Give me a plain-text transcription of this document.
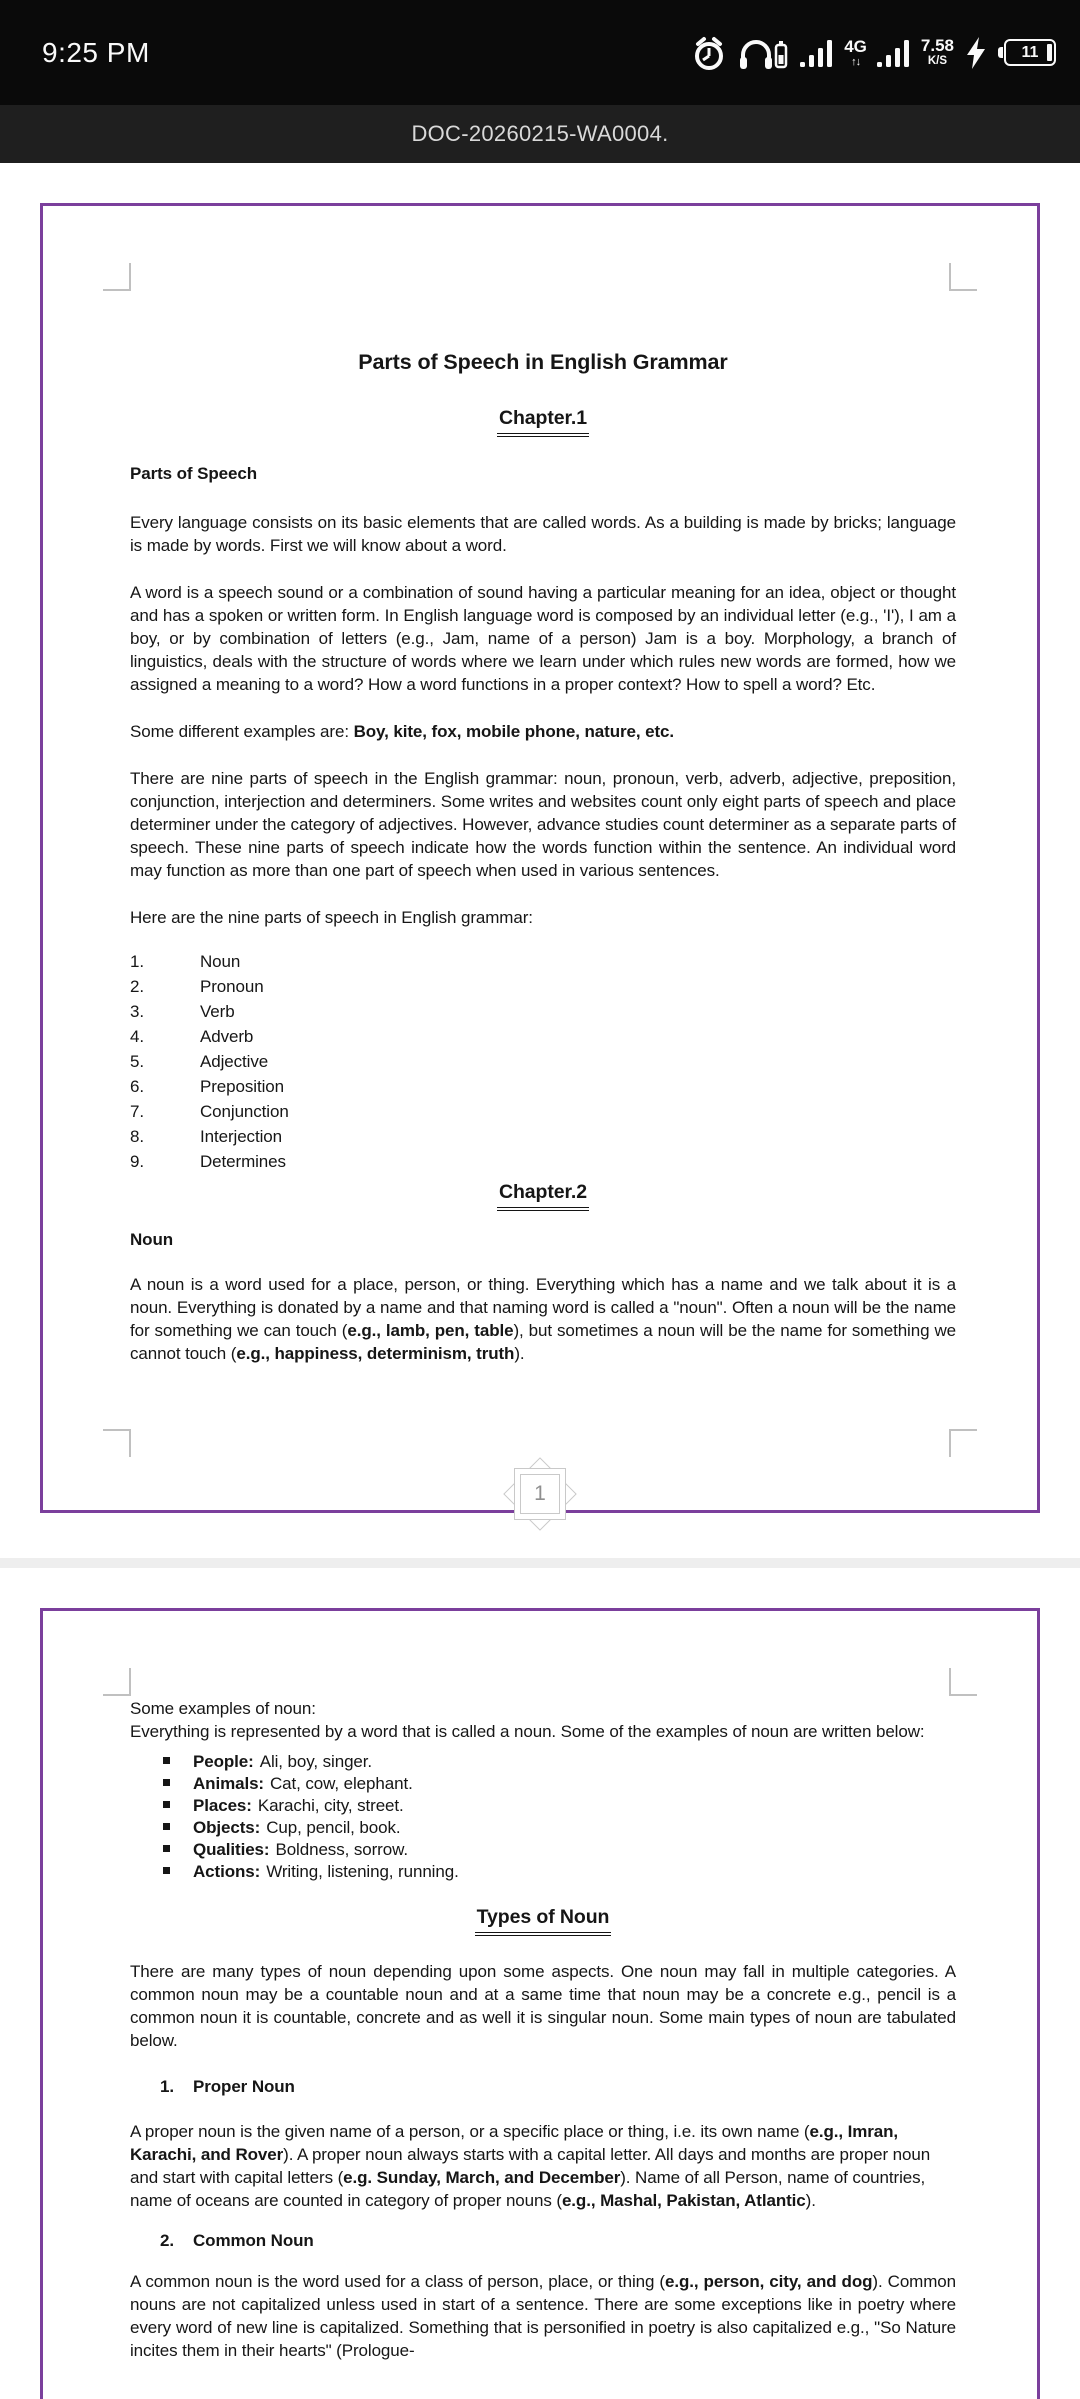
9:25 PM	4G
↑↓
7.58
K/S
11
DOC-20260215-WA0004.
Parts of Speech in English Grammar
Chapter.1
Parts of Speech
Every language consists on its basic elements that are called words. As a building is made by bricks; language is made by words. First we will know about a word.
A word is a speech sound or a combination of sound having a particular meaning for an idea, object or thought and has a spoken or written form. In English language word is composed by an individual letter (e.g., 'I'), I am a boy, or by combination of letters (e.g., Jam, name of a person) Jam is a boy. Morphology, a branch of linguistics, deals with the structure of words where we learn under which rules new words are formed, how we assigned a meaning to a word? How a word functions in a proper context? How to spell a word? Etc.
Some different examples are: Boy, kite, fox, mobile phone, nature, etc.
There are nine parts of speech in the English grammar: noun, pronoun, verb, adverb, adjective, preposition, conjunction, interjection and determiners. Some writes and websites count only eight parts of speech and place determiner under the category of adjectives. However, advance studies count determiner as a separate parts of speech. These nine parts of speech indicate how the words function within the sentence. An individual word may function as more than one part of speech when used in various sentences.
Here are the nine parts of speech in English grammar:
1.	Noun
2.	Pronoun
3.	Verb
4.	Adverb
5.	Adjective
6.	Preposition
7.	Conjunction
8.	Interjection
9.	Determines
Chapter.2
Noun
A noun is a word used for a place, person, or thing. Everything which has a name and we talk about it is a noun. Everything is donated by a name and that naming word is called a "noun". Often a noun will be the name for something we can touch (e.g., lamb, pen, table), but sometimes a noun will be the name for something we cannot touch (e.g., happiness, determinism, truth).
1
Some examples of noun:
Everything is represented by a word that is called a noun. Some of the examples of noun are written below:
People: Ali, boy, singer.
Animals: Cat, cow, elephant.
Places: Karachi, city, street.
Objects: Cup, pencil, book.
Qualities: Boldness, sorrow.
Actions: Writing, listening, running.
Types of Noun
There are many types of noun depending upon some aspects. One noun may fall in multiple categories. A common noun may be a countable noun and at a same time that noun may be a concrete e.g., pencil is a common noun it is countable, concrete and as well it is singular noun. Some main types of noun are tabulated below.
1.	Proper Noun
A proper noun is the given name of a person, or a specific place or thing, i.e. its own name (e.g., Imran, Karachi, and Rover). A proper noun always starts with a capital letter. All days and months are proper noun and start with capital letters (e.g. Sunday, March, and December). Name of all Person, name of countries, name of oceans are counted in category of proper nouns (e.g., Mashal, Pakistan, Atlantic).
2.	Common Noun
A common noun is the word used for a class of person, place, or thing (e.g., person, city, and dog). Common nouns are not capitalized unless used in start of a sentence. There are some exceptions like in poetry where every word of new line is capitalized. Something that is personified in poetry is also capitalized e.g., "So Nature incites them in their hearts" (Prologue-
